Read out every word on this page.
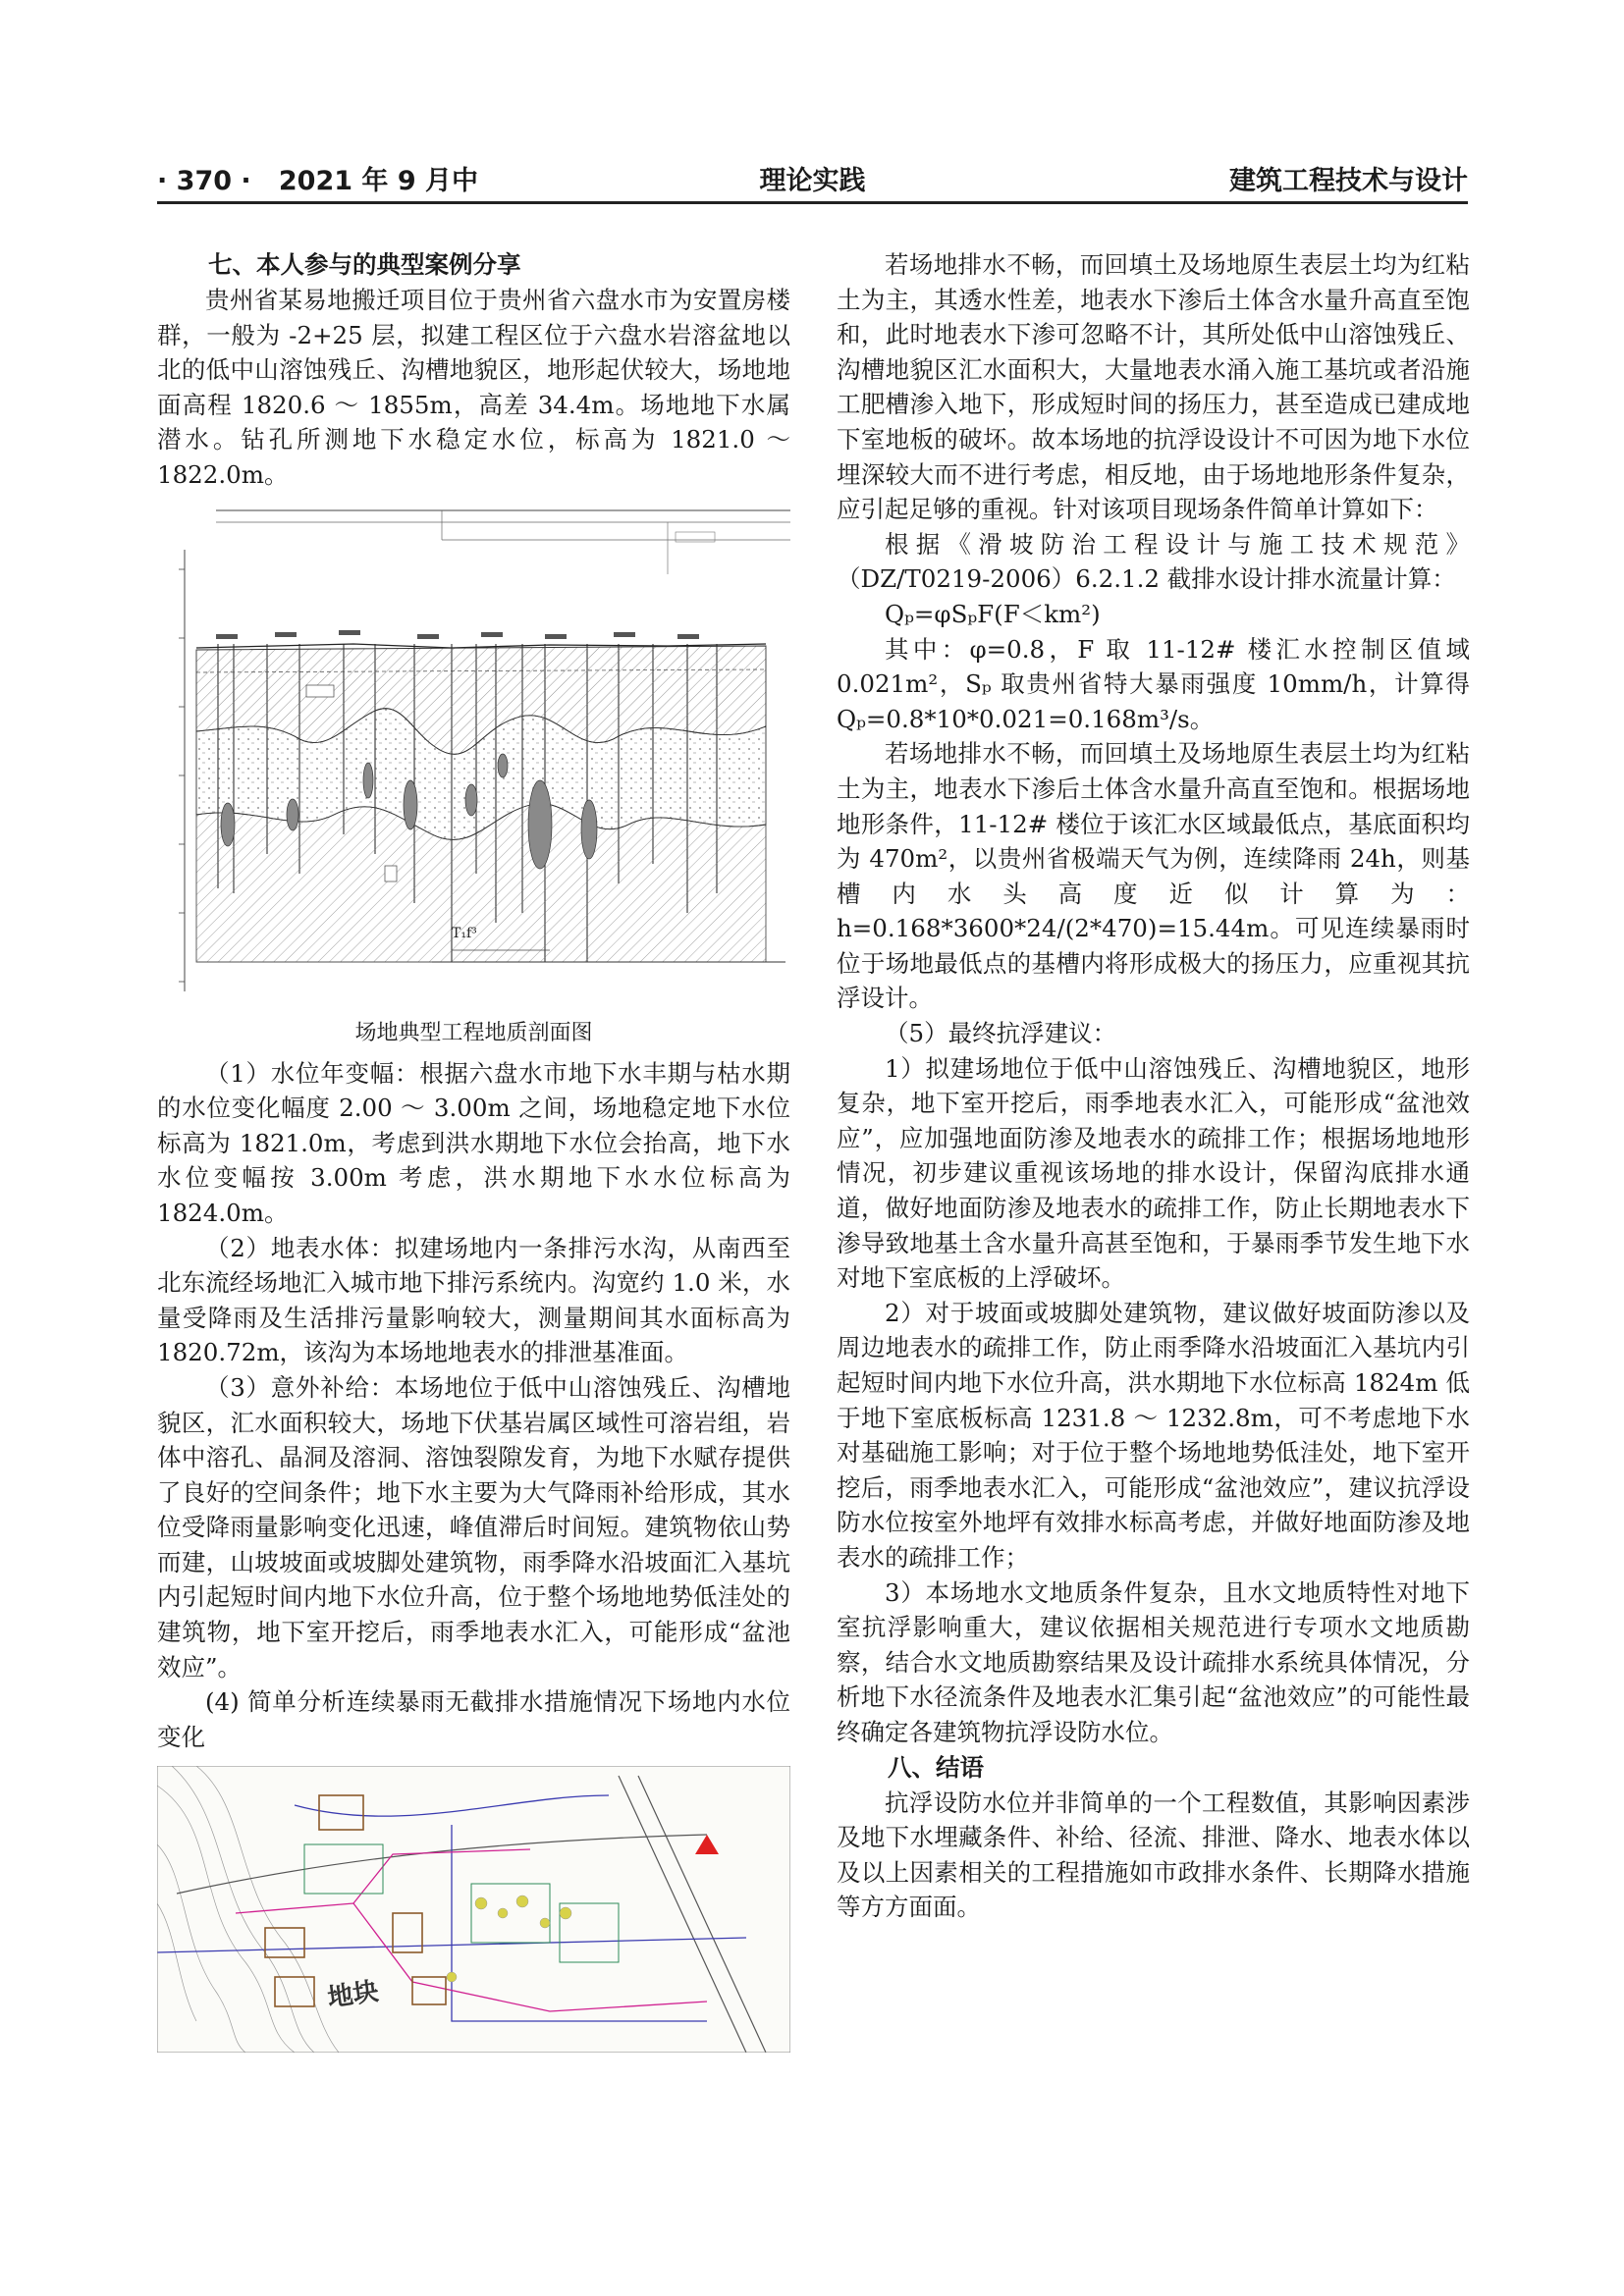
· 370 · 2021 年 9 月中	理论实践	建筑工程技术与设计
七、本人参与的典型案例分享

贵州省某易地搬迁项目位于贵州省六盘水市为安置房楼群，一般为 -2+25 层，拟建工程区位于六盘水岩溶盆地以北的低中山溶蚀残丘、沟槽地貌区，地形起伏较大，场地地面高程 1820.6 ～ 1855m，高差 34.4m。场地地下水属潜水。钻孔所测地下水稳定水位，标高为 1821.0 ～ 1822.0m。

T₁f³
场地典型工程地质剖面图

（1）水位年变幅：根据六盘水市地下水丰期与枯水期的水位变化幅度 2.00 ～ 3.00m 之间，场地稳定地下水位标高为 1821.0m，考虑到洪水期地下水位会抬高，地下水水位变幅按 3.00m 考虑，洪水期地下水水位标高为 1824.0m。

（2）地表水体：拟建场地内一条排污水沟，从南西至北东流经场地汇入城市地下排污系统内。沟宽约 1.0 米，水量受降雨及生活排污量影响较大，测量期间其水面标高为 1820.72m，该沟为本场地地表水的排泄基准面。

（3）意外补给：本场地位于低中山溶蚀残丘、沟槽地貌区，汇水面积较大，场地下伏基岩属区域性可溶岩组，岩体中溶孔、晶洞及溶洞、溶蚀裂隙发育，为地下水赋存提供了良好的空间条件；地下水主要为大气降雨补给形成，其水位受降雨量影响变化迅速，峰值滞后时间短。建筑物依山势而建，山坡坡面或坡脚处建筑物，雨季降水沿坡面汇入基坑内引起短时间内地下水位升高，位于整个场地地势低洼处的建筑物，地下室开挖后，雨季地表水汇入，可能形成“盆池效应”。

(4) 简单分析连续暴雨无截排水措施情况下场地内水位变化

地块

若场地排水不畅，而回填土及场地原生表层土均为红粘土为主，其透水性差，地表水下渗后土体含水量升高直至饱和，此时地表水下渗可忽略不计，其所处低中山溶蚀残丘、沟槽地貌区汇水面积大，大量地表水涌入施工基坑或者沿施工肥槽渗入地下，形成短时间的扬压力，甚至造成已建成地下室地板的破坏。故本场地的抗浮设设计不可因为地下水位埋深较大而不进行考虑，相反地，由于场地地形条件复杂，应引起足够的重视。针对该项目现场条件简单计算如下：

根据《滑坡防治工程设计与施工技术规范》（DZ/T0219-2006）6.2.1.2 截排水设计排水流量计算：

Qₚ=φSₚF(F＜km²)

其中：φ=0.8，F 取 11-12# 楼汇水控制区值域 0.021m²，Sₚ 取贵州省特大暴雨强度 10mm/h，计算得 Qₚ=0.8*10*0.021=0.168m³/s。

若场地排水不畅，而回填土及场地原生表层土均为红粘土为主，地表水下渗后土体含水量升高直至饱和。根据场地地形条件，11-12# 楼位于该汇水区域最低点，基底面积均为 470m²，以贵州省极端天气为例，连续降雨 24h，则基槽内水头高度近似计算为：h=0.168*3600*24/(2*470)=15.44m。可见连续暴雨时位于场地最低点的基槽内将形成极大的扬压力，应重视其抗浮设计。

（5）最终抗浮建议：

1）拟建场地位于低中山溶蚀残丘、沟槽地貌区，地形复杂，地下室开挖后，雨季地表水汇入，可能形成“盆池效应”，应加强地面防渗及地表水的疏排工作；根据场地地形情况，初步建议重视该场地的排水设计，保留沟底排水通道，做好地面防渗及地表水的疏排工作，防止长期地表水下渗导致地基土含水量升高甚至饱和，于暴雨季节发生地下水对地下室底板的上浮破坏。

2）对于坡面或坡脚处建筑物，建议做好坡面防渗以及周边地表水的疏排工作，防止雨季降水沿坡面汇入基坑内引起短时间内地下水位升高，洪水期地下水位标高 1824m 低于地下室底板标高 1231.8 ～ 1232.8m，可不考虑地下水对基础施工影响；对于位于整个场地地势低洼处，地下室开挖后，雨季地表水汇入，可能形成“盆池效应”，建议抗浮设防水位按室外地坪有效排水标高考虑，并做好地面防渗及地表水的疏排工作；

3）本场地水文地质条件复杂，且水文地质特性对地下室抗浮影响重大，建议依据相关规范进行专项水文地质勘察，结合水文地质勘察结果及设计疏排水系统具体情况，分析地下水径流条件及地表水汇集引起“盆池效应”的可能性最终确定各建筑物抗浮设防水位。

八、结语

抗浮设防水位并非简单的一个工程数值，其影响因素涉及地下水埋藏条件、补给、径流、排泄、降水、地表水体以及以上因素相关的工程措施如市政排水条件、长期降水措施等方方面面。
